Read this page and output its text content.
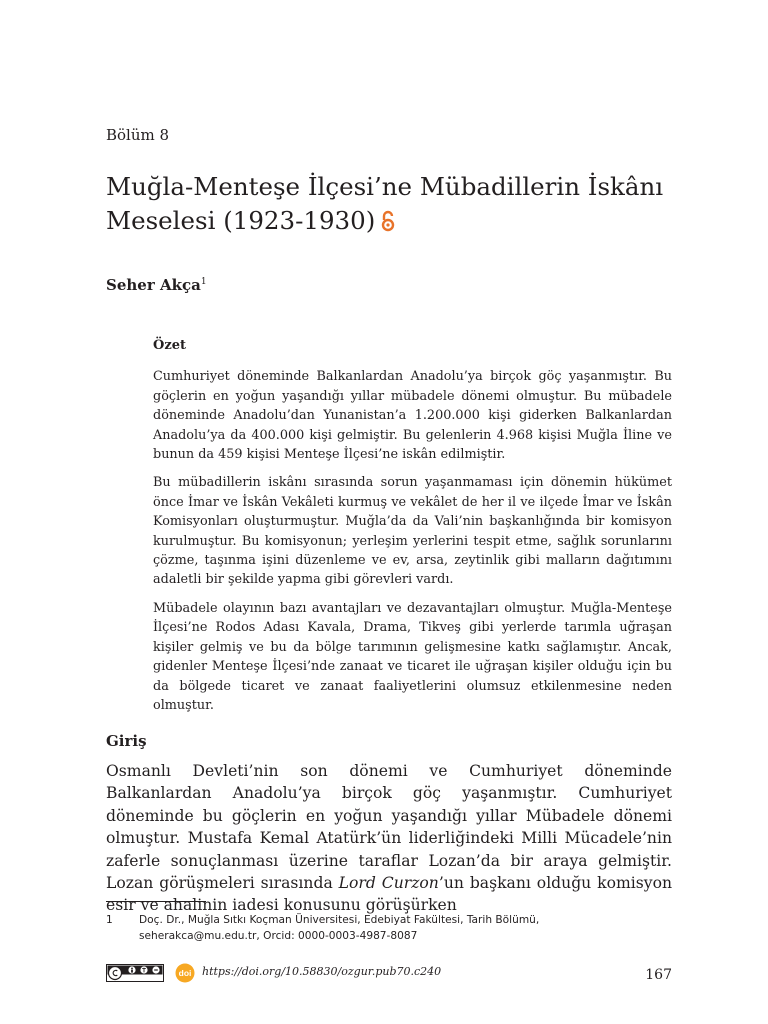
Bölüm 8
Muğla-Menteşe İlçesi’ne Mübadillerin İskânı Meselesi (1923-1930)
Seher Akça$^1$
Özet

Cumhuriyet döneminde Balkanlardan Anadolu’ya birçok göç yaşanmıştır. Bu göçlerin en yoğun yaşandığı yıllar mübadele dönemi olmuştur. Bu mübadele döneminde Anadolu’dan Yunanistan’a 1.200.000 kişi giderken Balkanlardan Anadolu’ya da 400.000 kişi gelmiştir. Bu gelenlerin 4.968 kişisi Muğla İline ve bunun da 459 kişisi Menteşe İlçesi’ne iskân edilmiştir.

Bu mübadillerin iskânı sırasında sorun yaşanmaması için dönemin hükümet önce İmar ve İskân Vekâleti kurmuş ve vekâlet de her il ve ilçede İmar ve İskân Komisyonları oluşturmuştur. Muğla’da da Vali’nin başkanlığında bir komisyon kurulmuştur. Bu komisyonun; yerleşim yerlerini tespit etme, sağlık sorunlarını çözme, taşınma işini düzenleme ve ev, arsa, zeytinlik gibi malların dağıtımını adaletli bir şekilde yapma gibi görevleri vardı.

Mübadele olayının bazı avantajları ve dezavantajları olmuştur. Muğla-Menteşe İlçesi’ne Rodos Adası Kavala, Drama, Tikveş gibi yerlerde tarımla uğraşan kişiler gelmiş ve bu da bölge tarımının gelişmesine katkı sağlamıştır. Ancak, gidenler Menteşe İlçesi’nde zanaat ve ticaret ile uğraşan kişiler olduğu için bu da bölgede ticaret ve zanaat faaliyetlerini olumsuz etkilenmesine neden olmuştur.

Giriş

Osmanlı Devleti’nin son dönemi ve Cumhuriyet döneminde Balkanlardan Anadolu’ya birçok göç yaşanmıştır. Cumhuriyet döneminde bu göçlerin en yoğun yaşandığı yıllar Mübadele dönemi olmuştur. Mustafa Kemal Atatürk’ün liderliğindeki Milli Mücadele’nin zaferle sonuçlanması üzerine taraflar Lozan’da bir araya gelmiştir. Lozan görüşmeleri sırasında Lord Curzon’un başkanı olduğu komisyon esir ve ahalinin iadesi konusunu görüşürken

1 Doç. Dr., Muğla Sıtkı Koçman Üniversitesi, Edebiyat Fakültesi, Tarih Bölümü,
seherakca@mu.edu.tr, Orcid: 0000-0003-4987-8087
doi https://doi.org/10.58830/ozgur.pub70.c240	167
